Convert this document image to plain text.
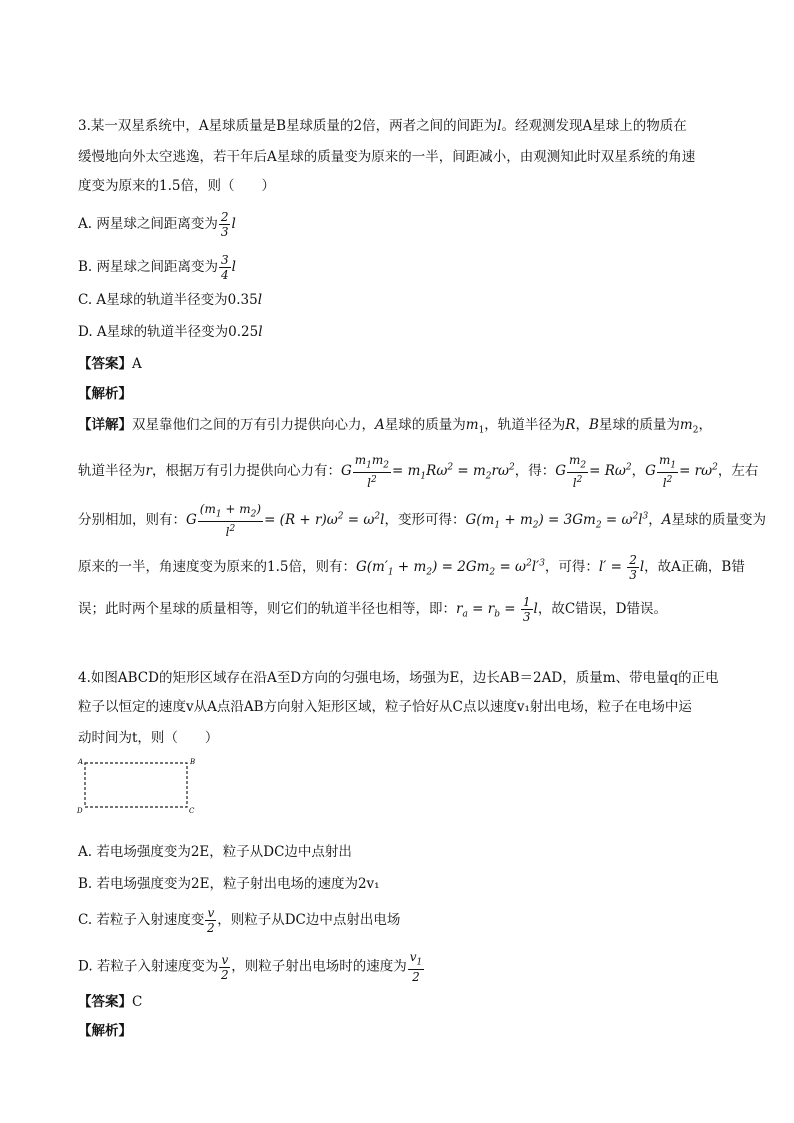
3.某一双星系统中，A星球质量是B星球质量的2倍，两者之间的间距为l。经观测发现A星球上的物质在
缓慢地向外太空逃逸，若干年后A星球的质量变为原来的一半，间距减小，由观测知此时双星系统的角速
度变为原来的1.5倍，则（　　）
A. 两星球之间距离变为 $\frac{2}{3}$ l
B. 两星球之间距离变为 $\frac{3}{4}$ l
C. A星球的轨道半径变为0.35l
D. A星球的轨道半径变为0.25l
【答案】A
【解析】
【详解】双星靠他们之间的万有引力提供向心力，A星球的质量为$m_1$，轨道半径为R，B星球的质量为$m_2$，
轨道半径为r，根据万有引力提供向心力有：G $\frac{m_1m_2}{l^2} = m_1R\omega^2 = m_2r\omega^2$，得：G $\frac{m_2}{l^2} = R\omega^2$，G $\frac{m_1}{l^2} = r\omega^2$，左右
分别相加，则有：G $\frac{(m_1 + m_2)}{l^2} = (R + r)\omega^2 = \omega^2l$，变形可得：$G(m_1 + m_2) = 3Gm_2 = \omega^2l^3$，A星球的质量变为
原来的一半，角速度变为原来的1.5倍，则有：$G(m'_1 + m_2) = 2Gm_2 = \omega^2l'^3$，可得：$l' = \frac{2}{3}$ l，故A正确，B错
误；此时两个星球的质量相等，则它们的轨道半径也相等，即：$r_a = r_b = \frac{1}{3}$ l，故C错误，D错误。
4.如图ABCD的矩形区域存在沿A至D方向的匀强电场，场强为E，边长AB＝2AD，质量m、带电量q的正电
粒子以恒定的速度v从A点沿AB方向射入矩形区域，粒子恰好从C点以速度v₁射出电场，粒子在电场中运
动时间为t，则（　　）
A	B
C
D
A. 若电场强度变为2E，粒子从DC边中点射出
B. 若电场强度变为2E，粒子射出电场的速度为2v₁
C. 若粒子入射速度变 $\frac{v}{2}$ ，则粒子从DC边中点射出电场
D. 若粒子入射速度变为 $\frac{v}{2}$ ，则粒子射出电场时的速度为 $\frac{v_1}{2}$
【答案】C
【解析】
